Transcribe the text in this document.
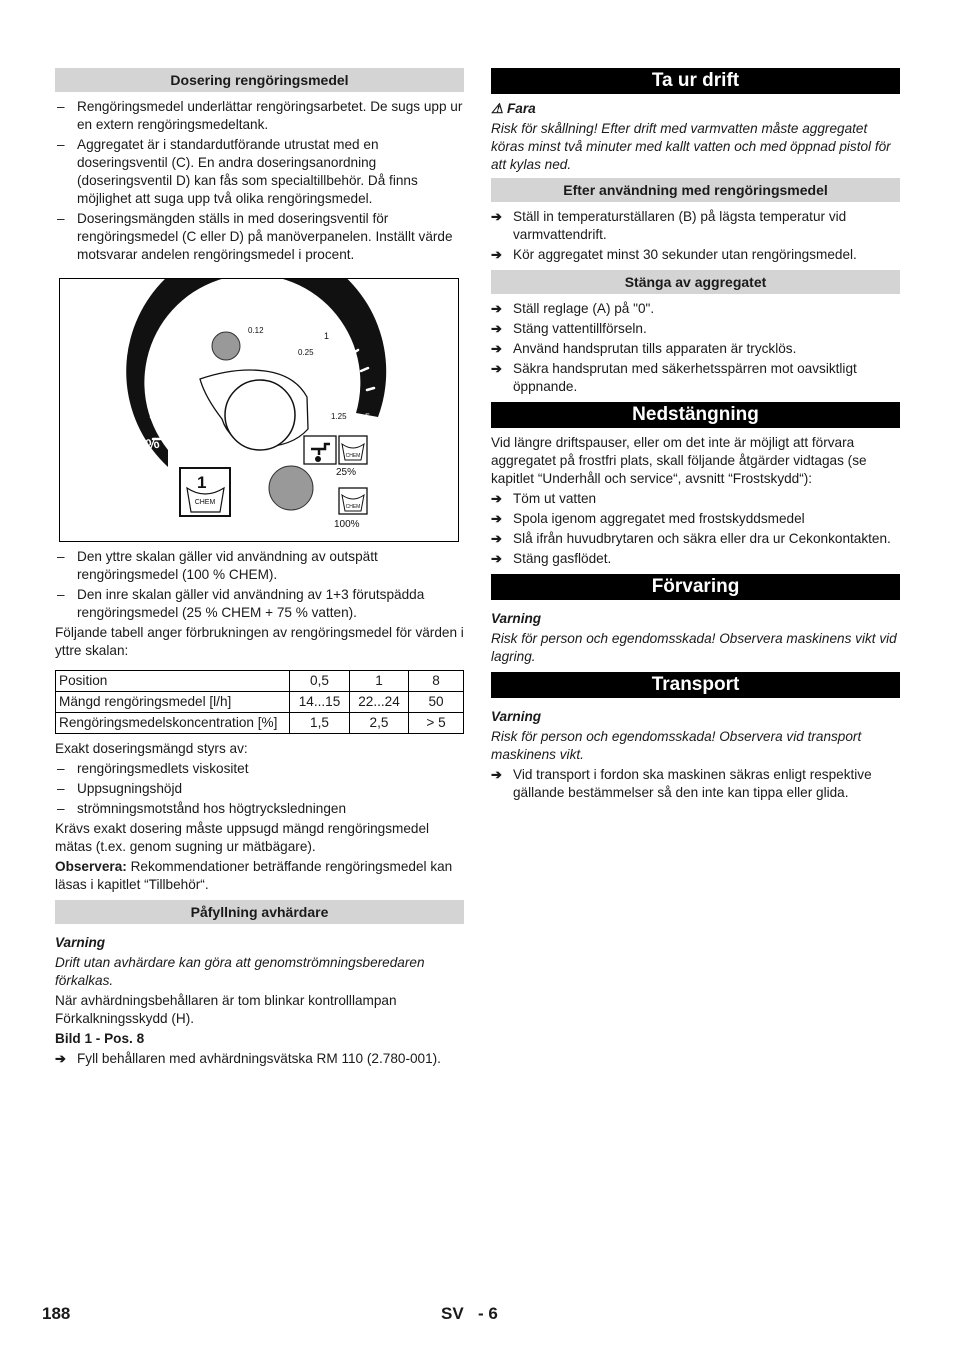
Dosering rengöringsmedel
– Rengöringsmedel underlättar rengöringsarbetet. De sugs upp ur en extern rengöringsmedeltank.
– Aggregatet är i standardutförande utrustat med en doseringsventil (C). En andra doseringsanordning (doseringsventil D) kan fås som specialtillbehör. Då finns möjlighet att suga upp två olika rengöringsmedel.
– Doseringsmängden ställs in med doseringsventil för rengöringsmedel (C eller D) på manöverpanelen. Inställt värde motsvarar andelen rengöringsmedel i procent.
0	5
%
0.5
0.12
1
0.25
1.25
CHEM
25%
1
CHEM
CHEM
100%
– Den yttre skalan gäller vid användning av outspätt rengöringsmedel (100 % CHEM).
– Den inre skalan gäller vid användning av 1+3 förutspädda rengöringsmedel (25 % CHEM + 75 % vatten).

Följande tabell anger förbrukningen av rengöringsmedel för värden i yttre skalan:

Position	0,5	1	8
Mängd rengöringsmedel [l/h]	14...15	22...24	50
Rengöringsmedelskoncentration [%]	1,5	2,5	> 5

Exakt doseringsmängd styrs av:

– rengöringsmedlets viskositet
– Uppsugningshöjd
– strömningsmotstånd hos högtrycksledningen

Krävs exakt dosering måste uppsugd mängd rengöringsmedel mätas (t.ex. genom sugning ur mätbägare).

Observera: Rekommendationer beträffande rengöringsmedel kan läsas i kapitlet “Tillbehör“.

Påfyllning avhärdare

Varning

Drift utan avhärdare kan göra att genomströmningsberedaren förkalkas.

När avhärdningsbehållaren är tom blinkar kontrolllampan Förkalkningsskydd (H).

Bild 1 - Pos. 8

➔ Fyll behållaren med avhärdningsvätska RM 110 (2.780-001).
Ta ur drift

⚠ Fara

Risk för skållning! Efter drift med varmvatten måste aggregatet köras minst två minuter med kallt vatten och med öppnad pistol för att kylas ned.

Efter användning med rengöringsmedel
➔ Ställ in temperaturställaren (B) på lägsta temperatur vid varmvattendrift.
➔ Kör aggregatet minst 30 sekunder utan rengöringsmedel.
Stänga av aggregatet
➔ Ställ reglage (A) på "0".
➔ Stäng vattentillförseln.
➔ Använd handsprutan tills apparaten är trycklös.
➔ Säkra handsprutan med säkerhetsspärren mot oavsiktligt öppnande.
Nedstängning

Vid längre driftspauser, eller om det inte är möjligt att förvara aggregatet på frostfri plats, skall följande åtgärder vidtagas (se kapitlet “Underhåll och service“, avsnitt “Frostskydd“):

➔ Töm ut vatten
➔ Spola igenom aggregatet med frostskyddsmedel
➔ Slå ifrån huvudbrytaren och säkra eller dra ur Cekonkontakten.
➔ Stäng gasflödet.
Förvaring

Varning

Risk för person och egendomsskada! Observera maskinens vikt vid lagring.

Transport

Varning

Risk för person och egendomsskada! Observera vid transport maskinens vikt.

➔ Vid transport i fordon ska maskinen säkras enligt respektive gällande bestämmelser så den inte kan tippa eller glida.
188	SV - 6
